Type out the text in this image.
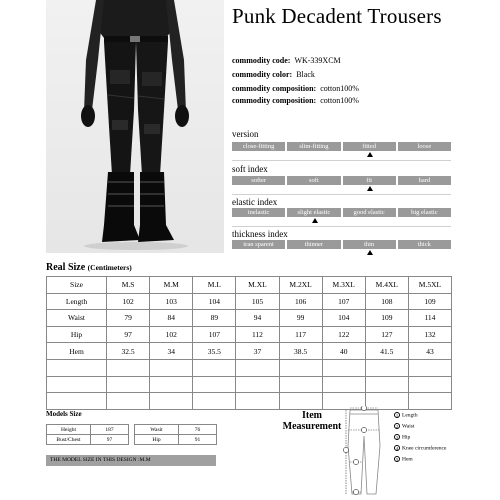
Punk Decadent Trousers
commodity code: WK-339XCM
commodity color: Black
commodity composition: cotton100%
commodity composition: cotton100%
version
close-fitting	slim-fitting	fitted	loose
soft index
softer	soft	fit	hard
elastic index
inelastic	slight elastic	good elastic	big elastic
thickness index
tran sparent	thinner	thin	thick
Real Size (Centimeters)
Size	M.S	M.M	M.L	M.XL	M.2XL	M.3XL	M.4XL	M.5XL
Length	102	103	104	105	106	107	108	109
Waist	79	84	89	94	99	104	109	114
Hip	97	102	107	112	117	122	127	132
Hem	32.5	34	35.5	37	38.5	40	41.5	43

Models Size
Height	187		Wasit	76
Bust/Chest	97		Hip	91
THE MODEL SIZE IN THIS DESIGN :M.M
Item
Measurement
1 Length
2 Waist
3 Hip
4 Knee circumference
5 Hem
